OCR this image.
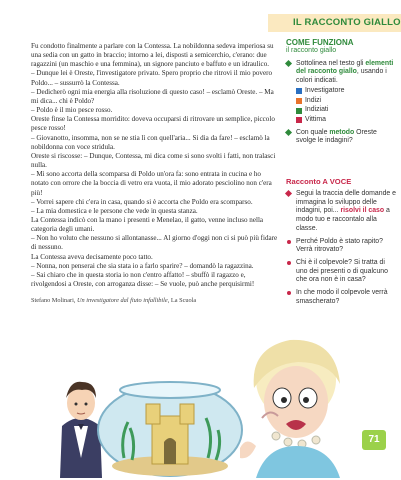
IL RACCONTO GIALLO

Fu condotto finalmente a parlare con la Contessa. La nobildonna sedeva imperiosa su una sedia con un gatto in braccio; intorno a lei, disposti a semicerchio, c'erano: due ragazzini (un maschio e una femmina), un signore panciuto e baffuto e un idraulico.

– Dunque lei è Oreste, l'investigatore privato. Spero proprio che ritrovi il mio povero Poldo... – sussurrò la Contessa.

– Dedicherò ogni mia energia alla risoluzione di questo caso! – esclamò Oreste. – Ma mi dica... chi è Poldo?

– Poldo è il mio pesce rosso.

Oreste finse la Contessa morridito: doveva occuparsi di ritrovare un semplice, piccolo pesce rosso!

– Giovanotto, insomma, non se ne stia lì con quell'aria... Si dia da fare! – esclamò la nobildonna con voce stridula.

Oreste si riscosse: – Dunque, Contessa, mi dica come si sono svolti i fatti, non tralasci nulla.

– Mi sono accorta della scomparsa di Poldo un'ora fa: sono entrata in cucina e ho notato con orrore che la boccia di vetro era vuota, il mio adorato pesciolino non c'era più!

– Vorrei sapere chi c'era in casa, quando si è accorta che Poldo era scomparso.

– La mia domestica e le persone che vede in questa stanza.

La Contessa indicò con la mano i presenti e Menelao, il gatto, venne incluso nella categoria degli umani.

– Non ho voluto che nessuno si allontanasse... Al giorno d'oggi non ci si può più fidare di nessuno.

La Contessa aveva decisamente poco tatto.

– Nonna, non penserai che sia stata io a farlo sparire? – domandò la ragazzina.

– Sai chiaro che in questa storia io non c'entro affatto! – sbuffò il ragazzo e, rivolgendosi a Oreste, con arroganza disse: – Se vuole, può anche perquisirmi!

Stefano Molinari, Un investigatore dal fiuto infallibile, La Scuola
COME FUNZIONA
il racconto giallo
Sottolinea nel testo gli elementi del racconto giallo, usando i colori indicati.
Investigatore
Indizi
Indiziati
Vittima
Con quale metodo Oreste svolge le indagini?
Racconto A VOCE
Segui la traccia delle domande e immagina lo sviluppo delle indagini, poi... risolvi il caso a modo tuo e raccontalo alla classe.
Perché Poldo è stato rapito? Verrà ritrovato?
Chi è il colpevole? Si tratta di uno dei presenti o di qualcuno che ora non è in casa?
In che modo il colpevole verrà smascherato?
71
